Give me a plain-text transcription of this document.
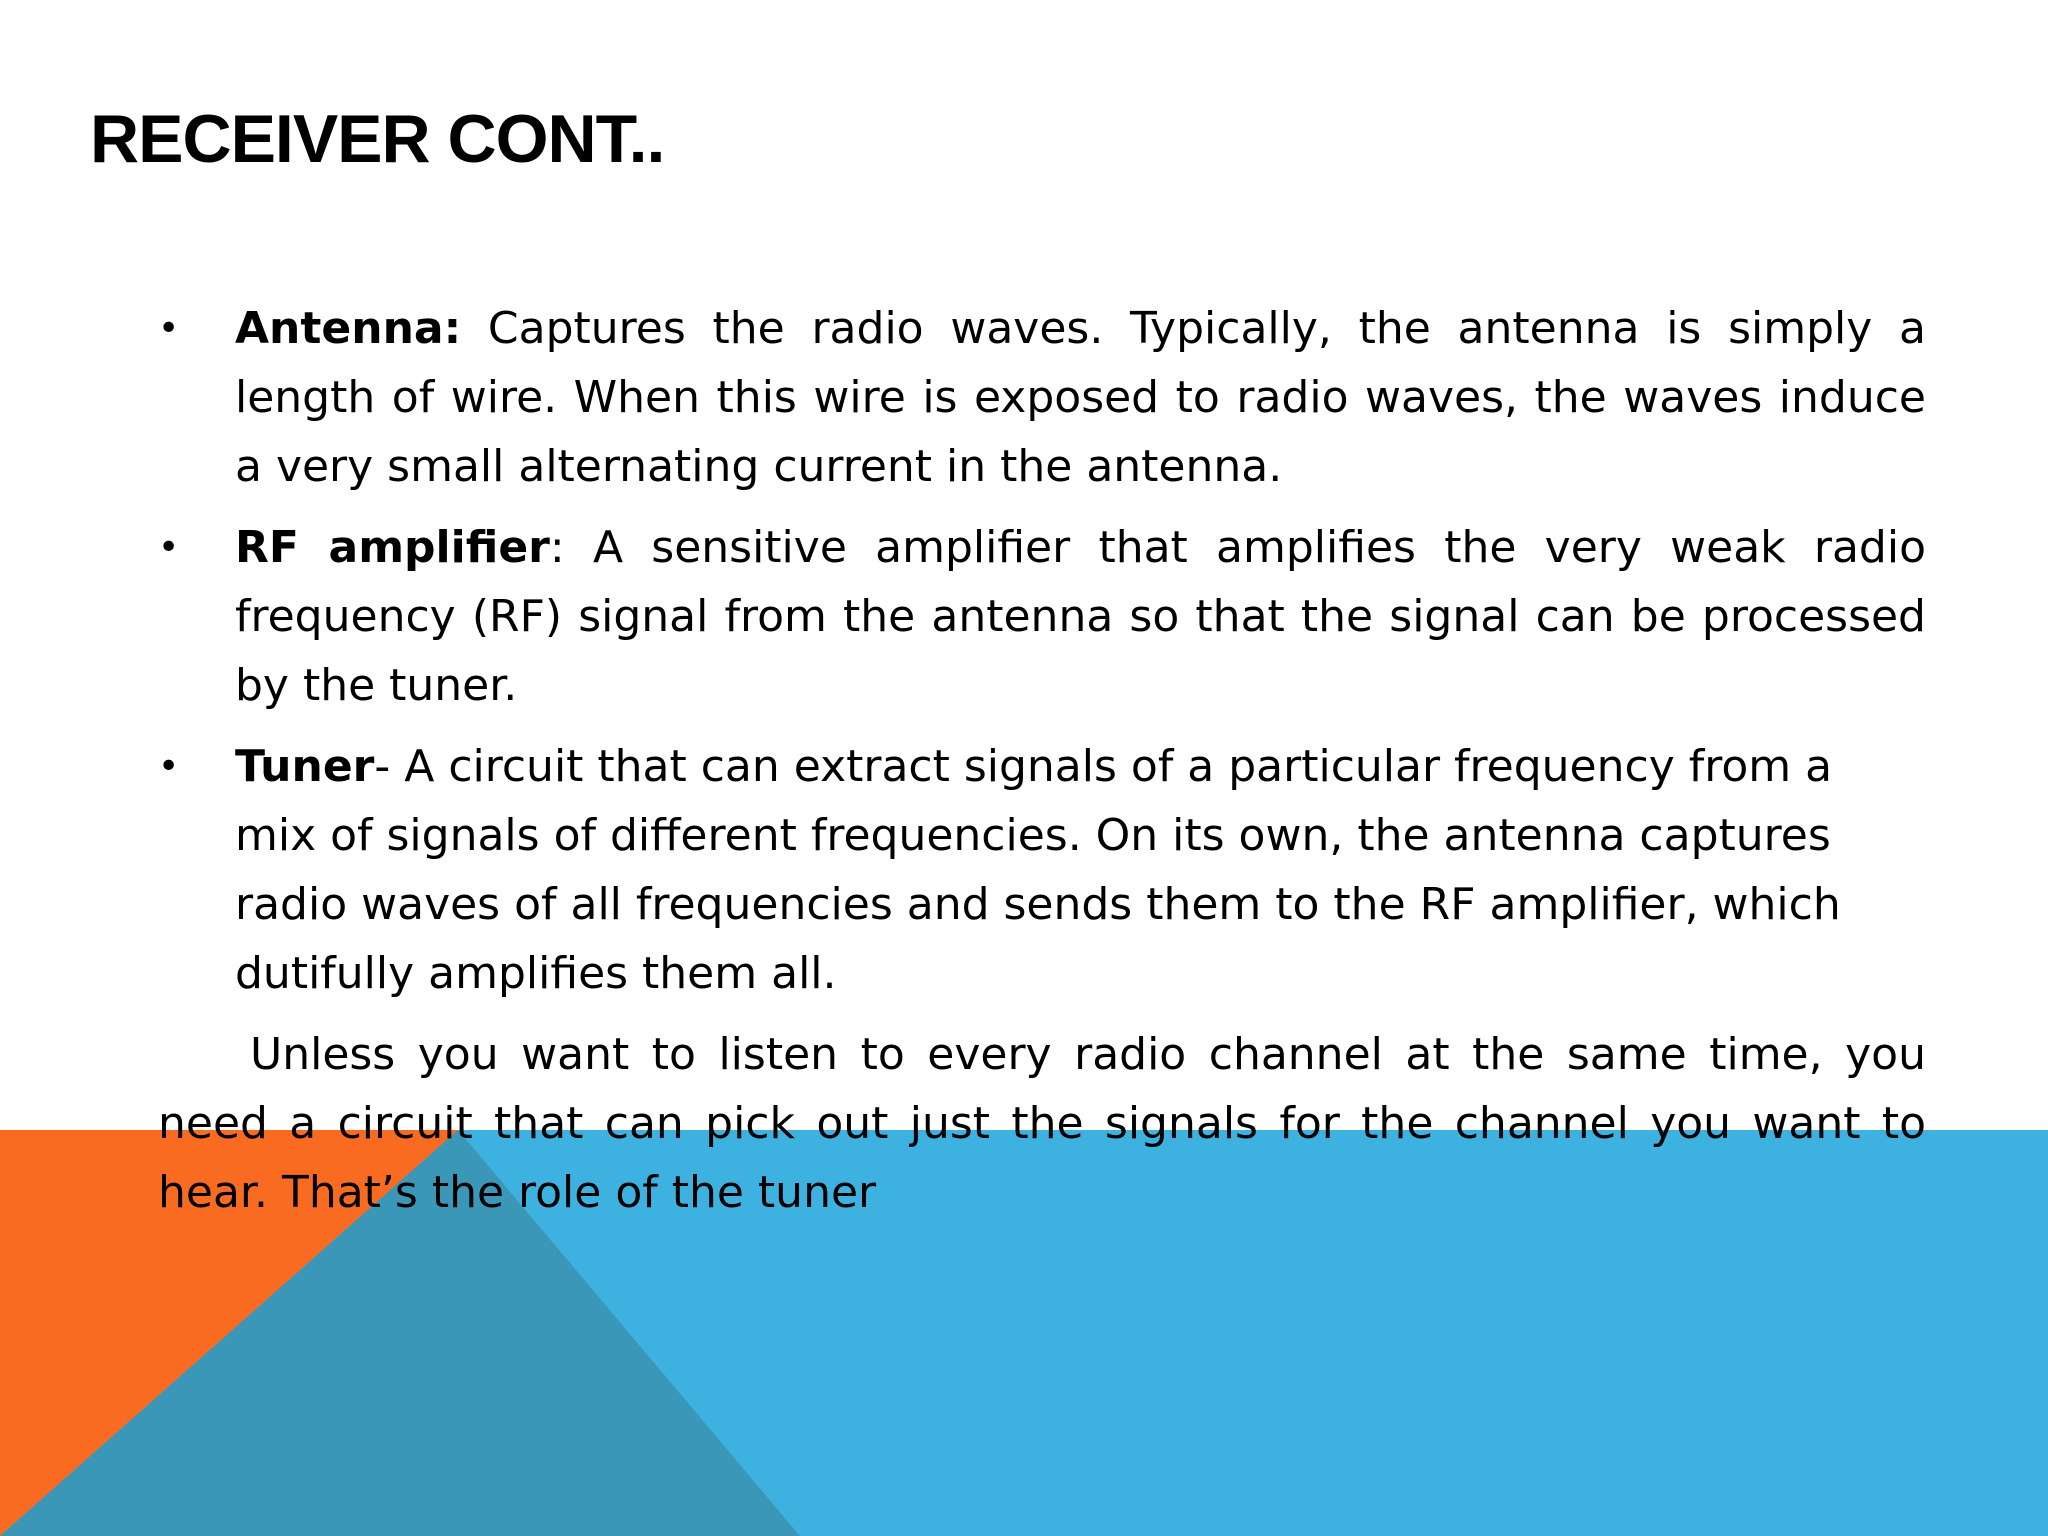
RECEIVER CONT..
• Antenna: Captures the radio waves. Typically, the antenna is simply a length of wire. When this wire is exposed to radio waves, the waves induce a very small alternating current in the antenna.
• RF amplifier: A sensitive amplifier that amplifies the very weak radio frequency (RF) signal from the antenna so that the signal can be processed by the tuner.
• Tuner- A circuit that can extract signals of a particular frequency from a mix of signals of different frequencies. On its own, the antenna captures radio waves of all frequencies and sends them to the RF amplifier, which dutifully amplifies them all.

Unless you want to listen to every radio channel at the same time, you need a circuit that can pick out just the signals for the channel you want to hear. That’s the role of the tuner
